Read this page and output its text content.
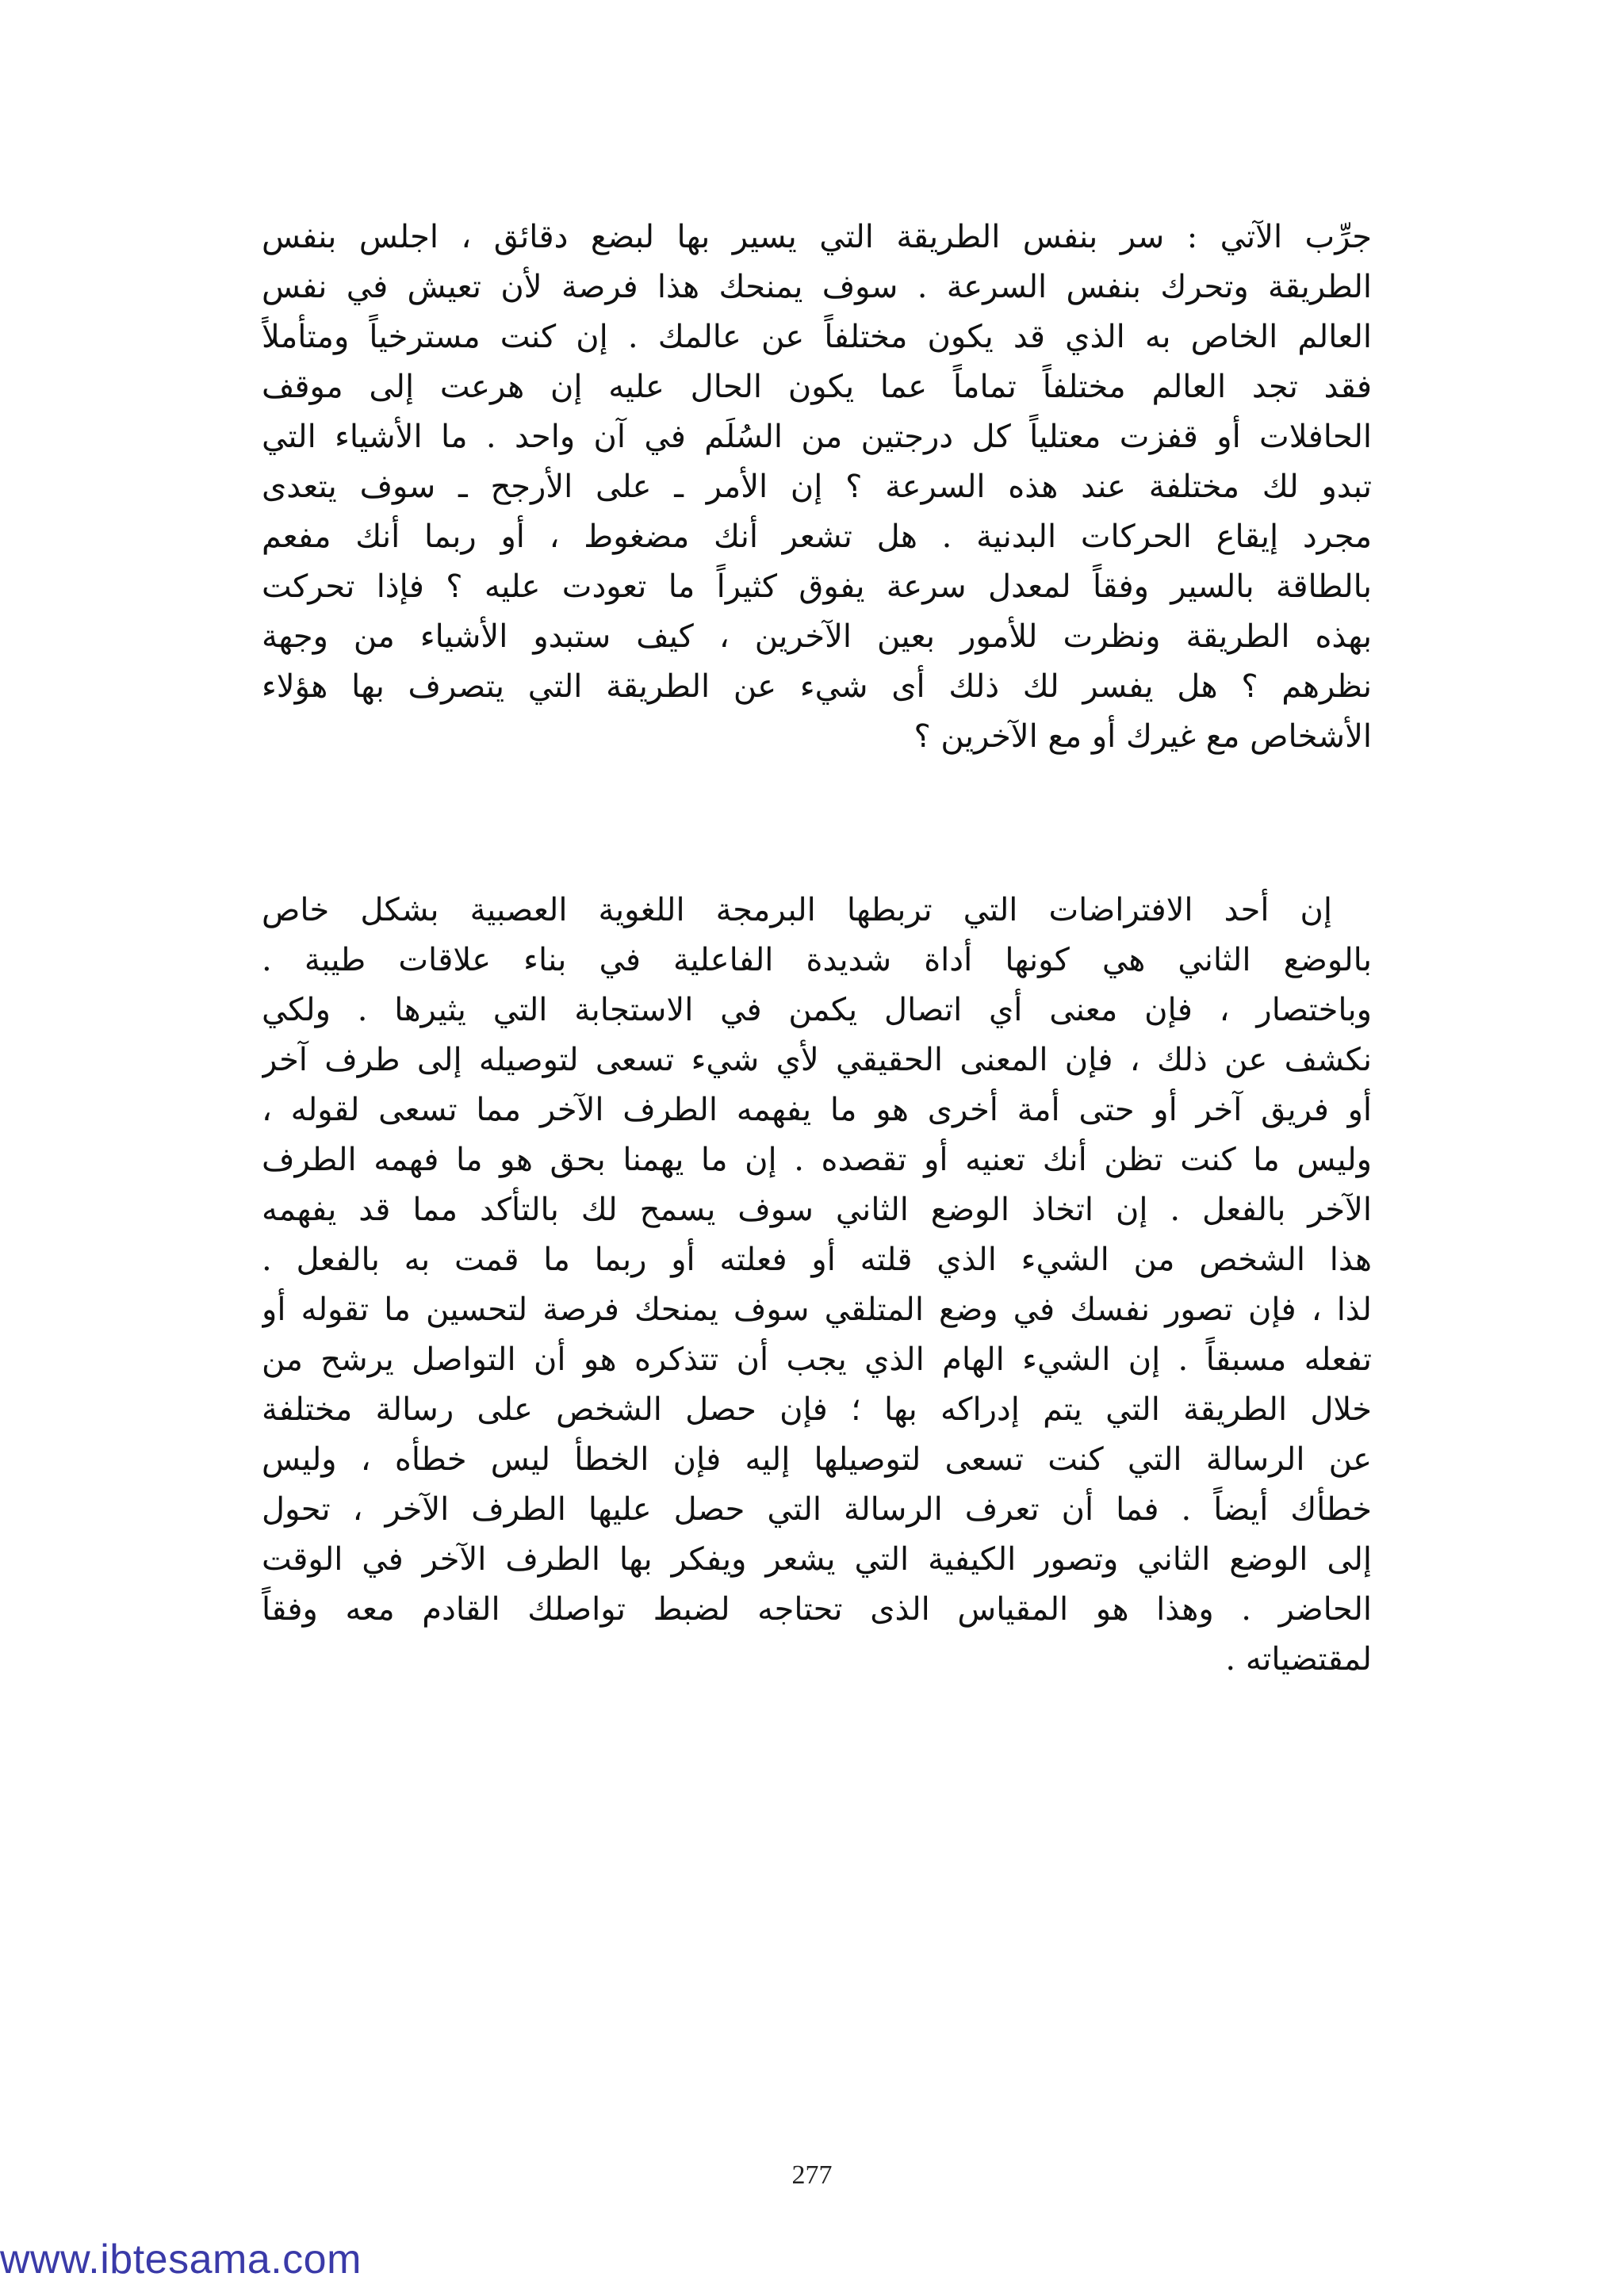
جرِّب الآتي : سر بنفس الطريقة التي يسير بها لبضع دقائق ، اجلس بنفس
الطريقة وتحرك بنفس السرعة . سوف يمنحك هذا فرصة لأن تعيش في نفس
العالم الخاص به الذي قد يكون مختلفاً عن عالمك . إن كنت مسترخياً ومتأملاً
فقد تجد العالم مختلفاً تماماً عما يكون الحال عليه إن هرعت إلى موقف
الحافلات أو قفزت معتلياً كل درجتين من السُلَم في آن واحد . ما الأشياء التي
تبدو لك مختلفة عند هذه السرعة ؟ إن الأمر ـ على الأرجح ـ سوف يتعدى
مجرد إيقاع الحركات البدنية . هل تشعر أنك مضغوط ، أو ربما أنك مفعم
بالطاقة بالسير وفقاً لمعدل سرعة يفوق كثيراً ما تعودت عليه ؟ فإذا تحركت
بهذه الطريقة ونظرت للأمور بعين الآخرين ، كيف ستبدو الأشياء من وجهة
نظرهم ؟ هل يفسر لك ذلك أى شيء عن الطريقة التي يتصرف بها هؤلاء
الأشخاص مع غيرك أو مع الآخرين ؟
إن أحد الافتراضات التي تربطها البرمجة اللغوية العصبية بشكل خاص
بالوضع الثاني هي كونها أداة شديدة الفاعلية في بناء علاقات طيبة .
وباختصار ، فإن معنى أي اتصال يكمن في الاستجابة التي يثيرها . ولكي
نكشف عن ذلك ، فإن المعنى الحقيقي لأي شيء تسعى لتوصيله إلى طرف آخر
أو فريق آخر أو حتى أمة أخرى هو ما يفهمه الطرف الآخر مما تسعى لقوله ،
وليس ما كنت تظن أنك تعنيه أو تقصده . إن ما يهمنا بحق هو ما فهمه الطرف
الآخر بالفعل . إن اتخاذ الوضع الثاني سوف يسمح لك بالتأكد مما قد يفهمه
هذا الشخص من الشيء الذي قلته أو فعلته أو ربما ما قمت به بالفعل .
لذا ، فإن تصور نفسك في وضع المتلقي سوف يمنحك فرصة لتحسين ما تقوله أو
تفعله مسبقاً . إن الشيء الهام الذي يجب أن تتذكره هو أن التواصل يرشح من
خلال الطريقة التي يتم إدراكه بها ؛ فإن حصل الشخص على رسالة مختلفة
عن الرسالة التي كنت تسعى لتوصيلها إليه فإن الخطأ ليس خطأه ، وليس
خطأك أيضاً . فما أن تعرف الرسالة التي حصل عليها الطرف الآخر ، تحول
إلى الوضع الثاني وتصور الكيفية التي يشعر ويفكر بها الطرف الآخر في الوقت
الحاضر . وهذا هو المقياس الذى تحتاجه لضبط تواصلك القادم معه وفقاً
لمقتضياته .
277
www.ibtesama.com
